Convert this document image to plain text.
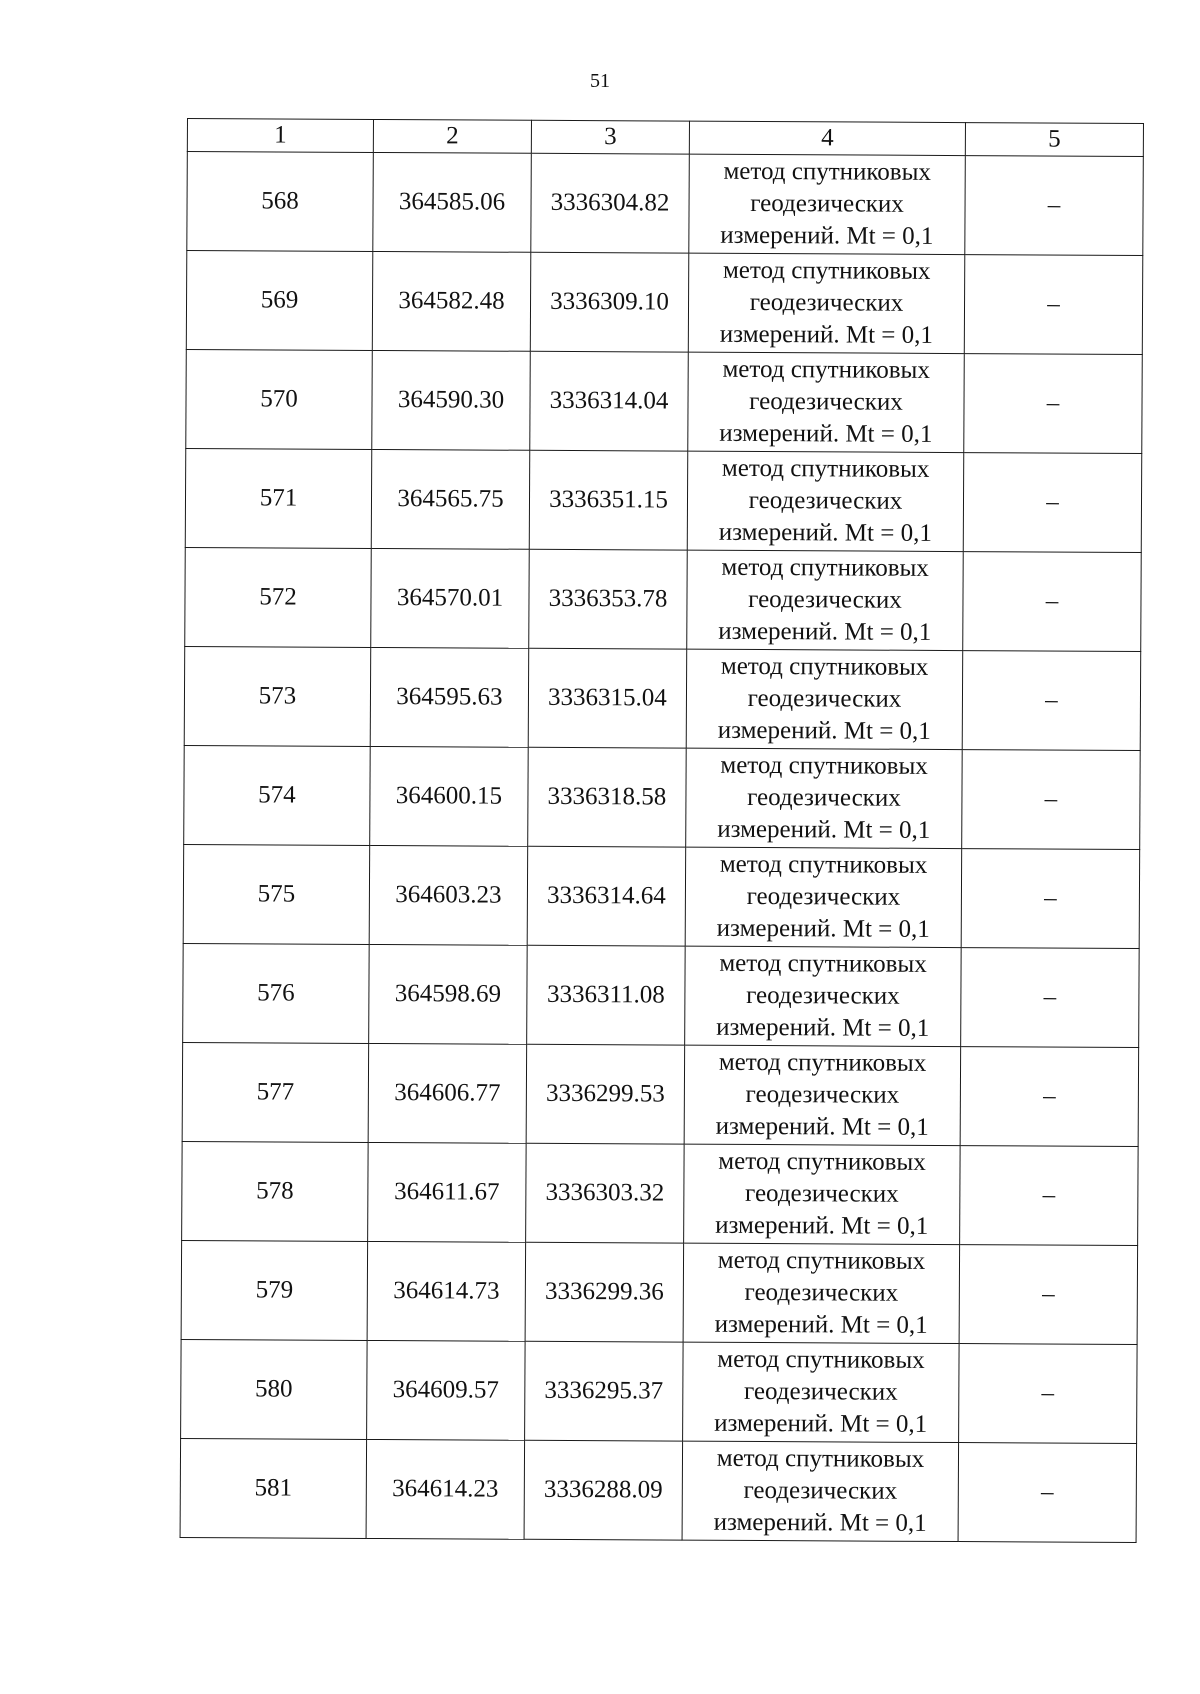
51
1	2	3	4	5
568	364585.06	3336304.82	метод спутниковых
геодезических
измерений. Mt = 0,1	–
569	364582.48	3336309.10	метод спутниковых
геодезических
измерений. Mt = 0,1	–
570	364590.30	3336314.04	метод спутниковых
геодезических
измерений. Mt = 0,1	–
571	364565.75	3336351.15	метод спутниковых
геодезических
измерений. Mt = 0,1	–
572	364570.01	3336353.78	метод спутниковых
геодезических
измерений. Mt = 0,1	–
573	364595.63	3336315.04	метод спутниковых
геодезических
измерений. Mt = 0,1	–
574	364600.15	3336318.58	метод спутниковых
геодезических
измерений. Mt = 0,1	–
575	364603.23	3336314.64	метод спутниковых
геодезических
измерений. Mt = 0,1	–
576	364598.69	3336311.08	метод спутниковых
геодезических
измерений. Mt = 0,1	–
577	364606.77	3336299.53	метод спутниковых
геодезических
измерений. Mt = 0,1	–
578	364611.67	3336303.32	метод спутниковых
геодезических
измерений. Mt = 0,1	–
579	364614.73	3336299.36	метод спутниковых
геодезических
измерений. Mt = 0,1	–
580	364609.57	3336295.37	метод спутниковых
геодезических
измерений. Mt = 0,1	–
581	364614.23	3336288.09	метод спутниковых
геодезических
измерений. Mt = 0,1	–
